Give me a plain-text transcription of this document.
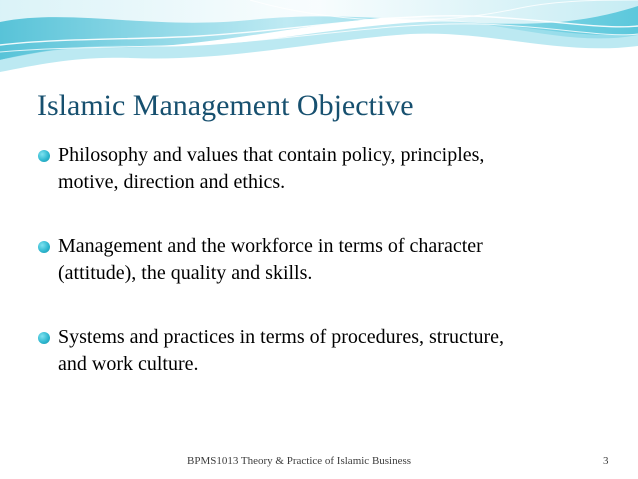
Islamic Management Objective
Philosophy and values that contain policy, principles,
motive, direction and ethics.
Management and the workforce in terms of character
(attitude), the quality and skills.
Systems and practices in terms of procedures, structure,
and work culture.
BPMS1013 Theory & Practice of Islamic Business	3
